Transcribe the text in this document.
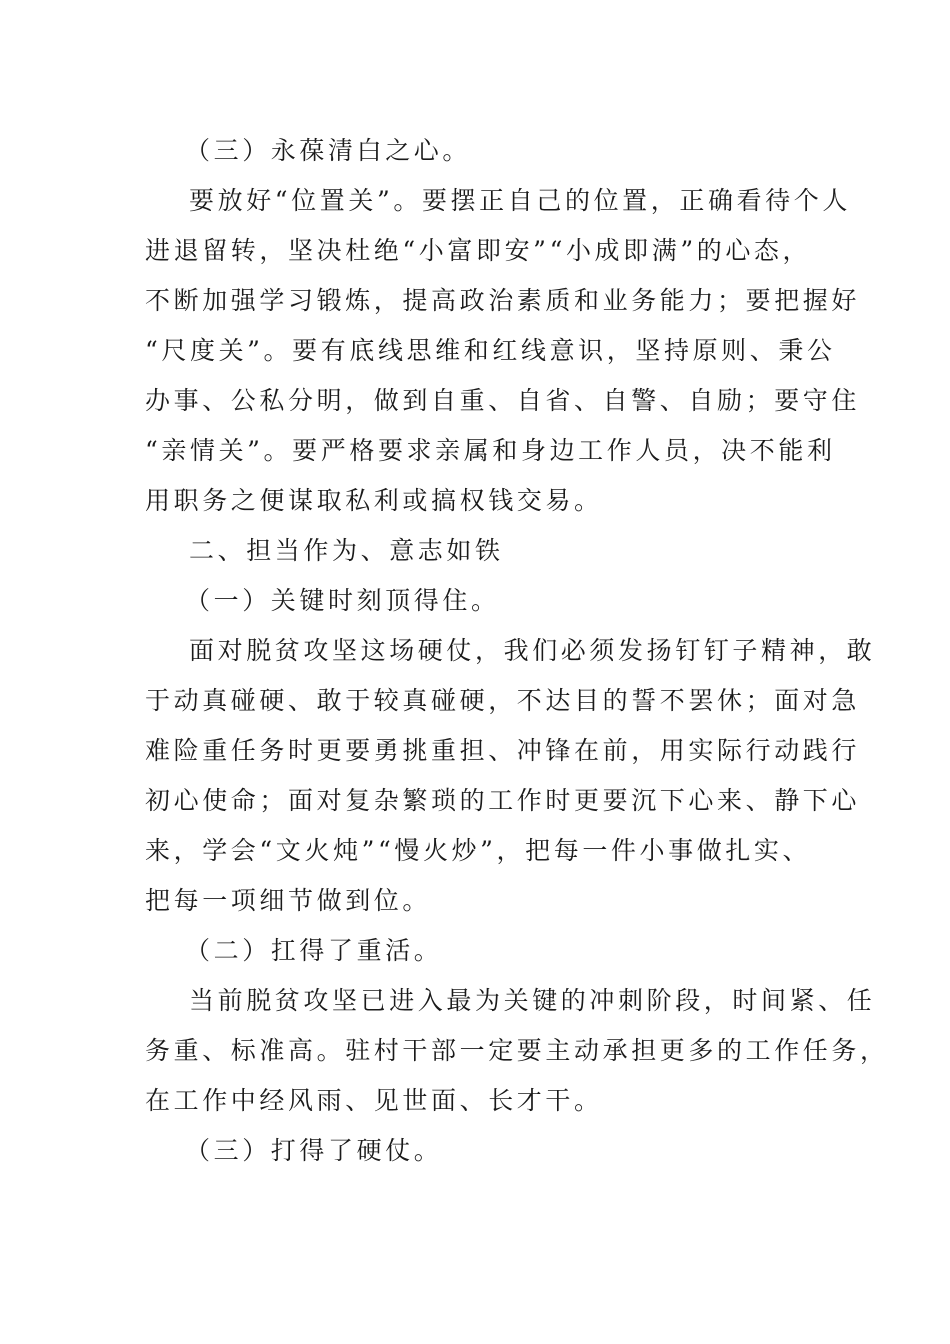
（三）永葆清白之心。
要放好“位置关”。要摆正自己的位置，正确看待个人
进退留转，坚决杜绝“小富即安”“小成即满”的心态，
不断加强学习锻炼，提高政治素质和业务能力；要把握好
“尺度关”。要有底线思维和红线意识，坚持原则、秉公
办事、公私分明，做到自重、自省、自警、自励；要守住
“亲情关”。要严格要求亲属和身边工作人员，决不能利
用职务之便谋取私利或搞权钱交易。
二、担当作为、意志如铁
（一）关键时刻顶得住。
面对脱贫攻坚这场硬仗，我们必须发扬钉钉子精神，敢
于动真碰硬、敢于较真碰硬，不达目的誓不罢休；面对急
难险重任务时更要勇挑重担、冲锋在前，用实际行动践行
初心使命；面对复杂繁琐的工作时更要沉下心来、静下心
来，学会“文火炖”“慢火炒”，把每一件小事做扎实、
把每一项细节做到位。
（二）扛得了重活。
当前脱贫攻坚已进入最为关键的冲刺阶段，时间紧、任
务重、标准高。驻村干部一定要主动承担更多的工作任务，
在工作中经风雨、见世面、长才干。
（三）打得了硬仗。
